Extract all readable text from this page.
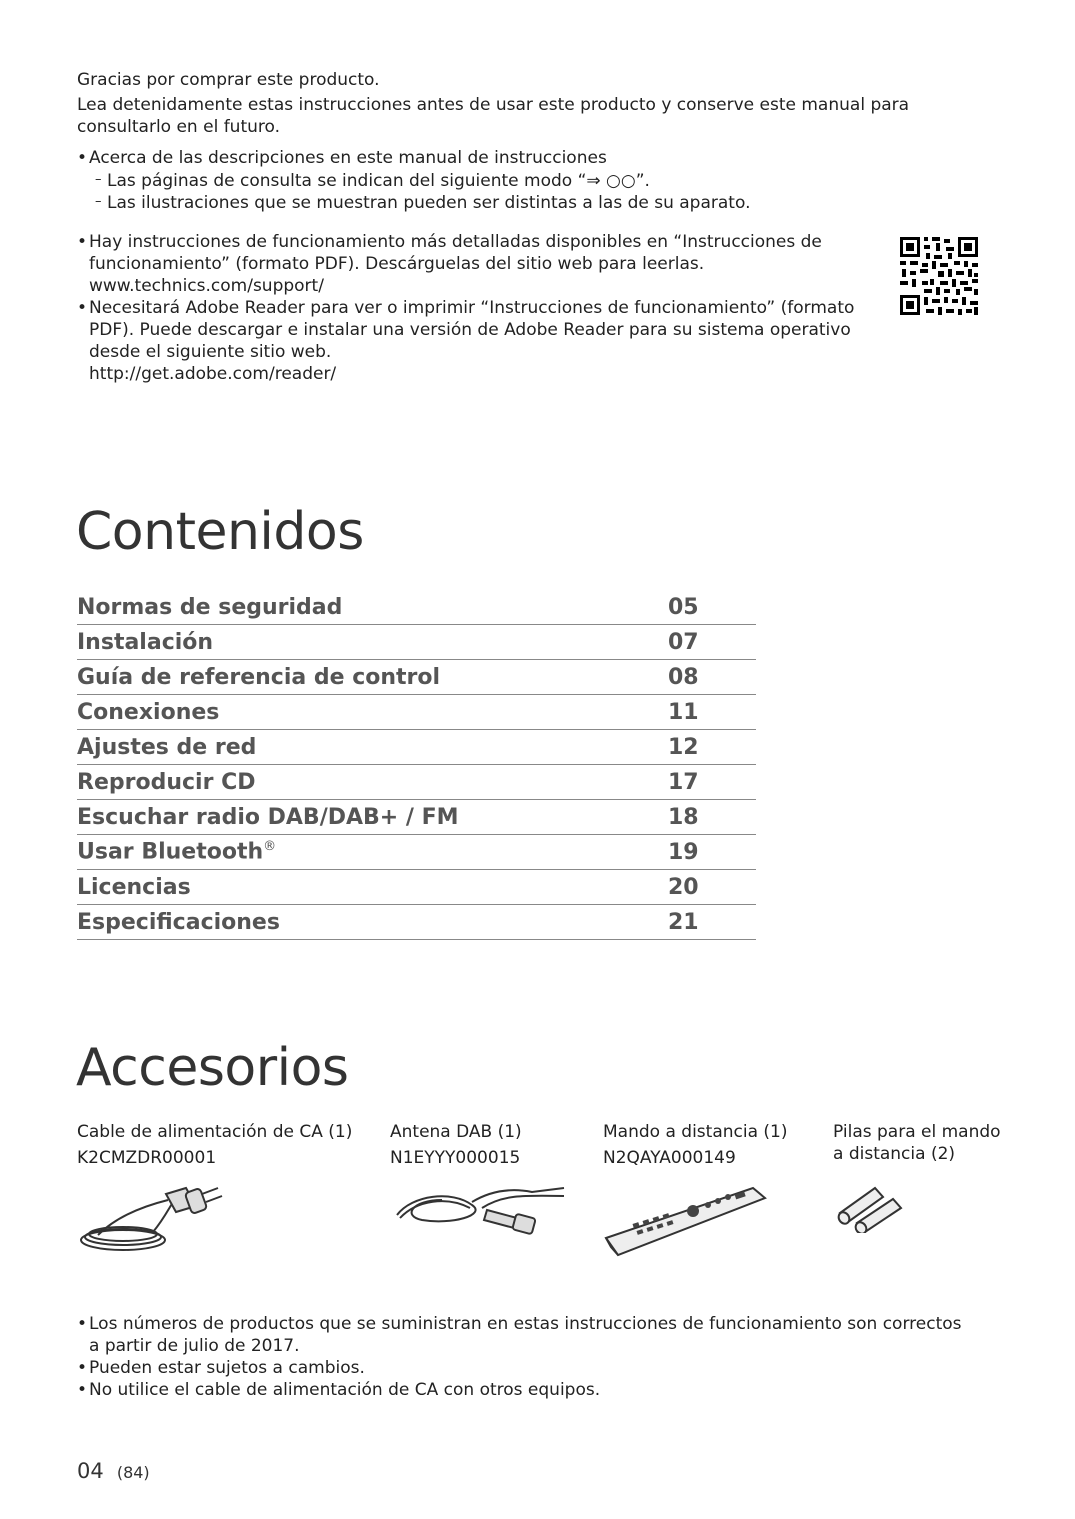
Gracias por comprar este producto.

Lea detenidamente estas instrucciones antes de usar este producto y conserve este manual para consultarlo en el futuro.

• Acerca de las descripciones en este manual de instrucciones
– Las páginas de consulta se indican del siguiente modo “⇒ ○○”.
– Las ilustraciones que se muestran pueden ser distintas a las de su aparato.
• Hay instrucciones de funcionamiento más detalladas disponibles en “Instrucciones de funcionamiento” (formato PDF). Descárguelas del sitio web para leerlas.
www.technics.com/support/
• Necesitará Adobe Reader para ver o imprimir “Instrucciones de funcionamiento” (formato PDF). Puede descargar e instalar una versión de Adobe Reader para su sistema operativo desde el siguiente sitio web.
http://get.adobe.com/reader/
Contenidos
Normas de seguridad	05
Instalación	07
Guía de referencia de control	08
Conexiones	11
Ajustes de red	12
Reproducir CD	17
Escuchar radio DAB/DAB+ / FM	18
Usar Bluetooth®	19
Licencias	20
Especificaciones	21
Accesorios
Cable de alimentación de CA (1)
K2CMZDR00001
Antena DAB (1)
N1EYYY000015
Mando a distancia (1)
N2QAYA000149
Pilas para el mando a distancia (2)
• Los números de productos que se suministran en estas instrucciones de funcionamiento son correctos a partir de julio de 2017.
• Pueden estar sujetos a cambios.
• No utilice el cable de alimentación de CA con otros equipos.
04 (84)
